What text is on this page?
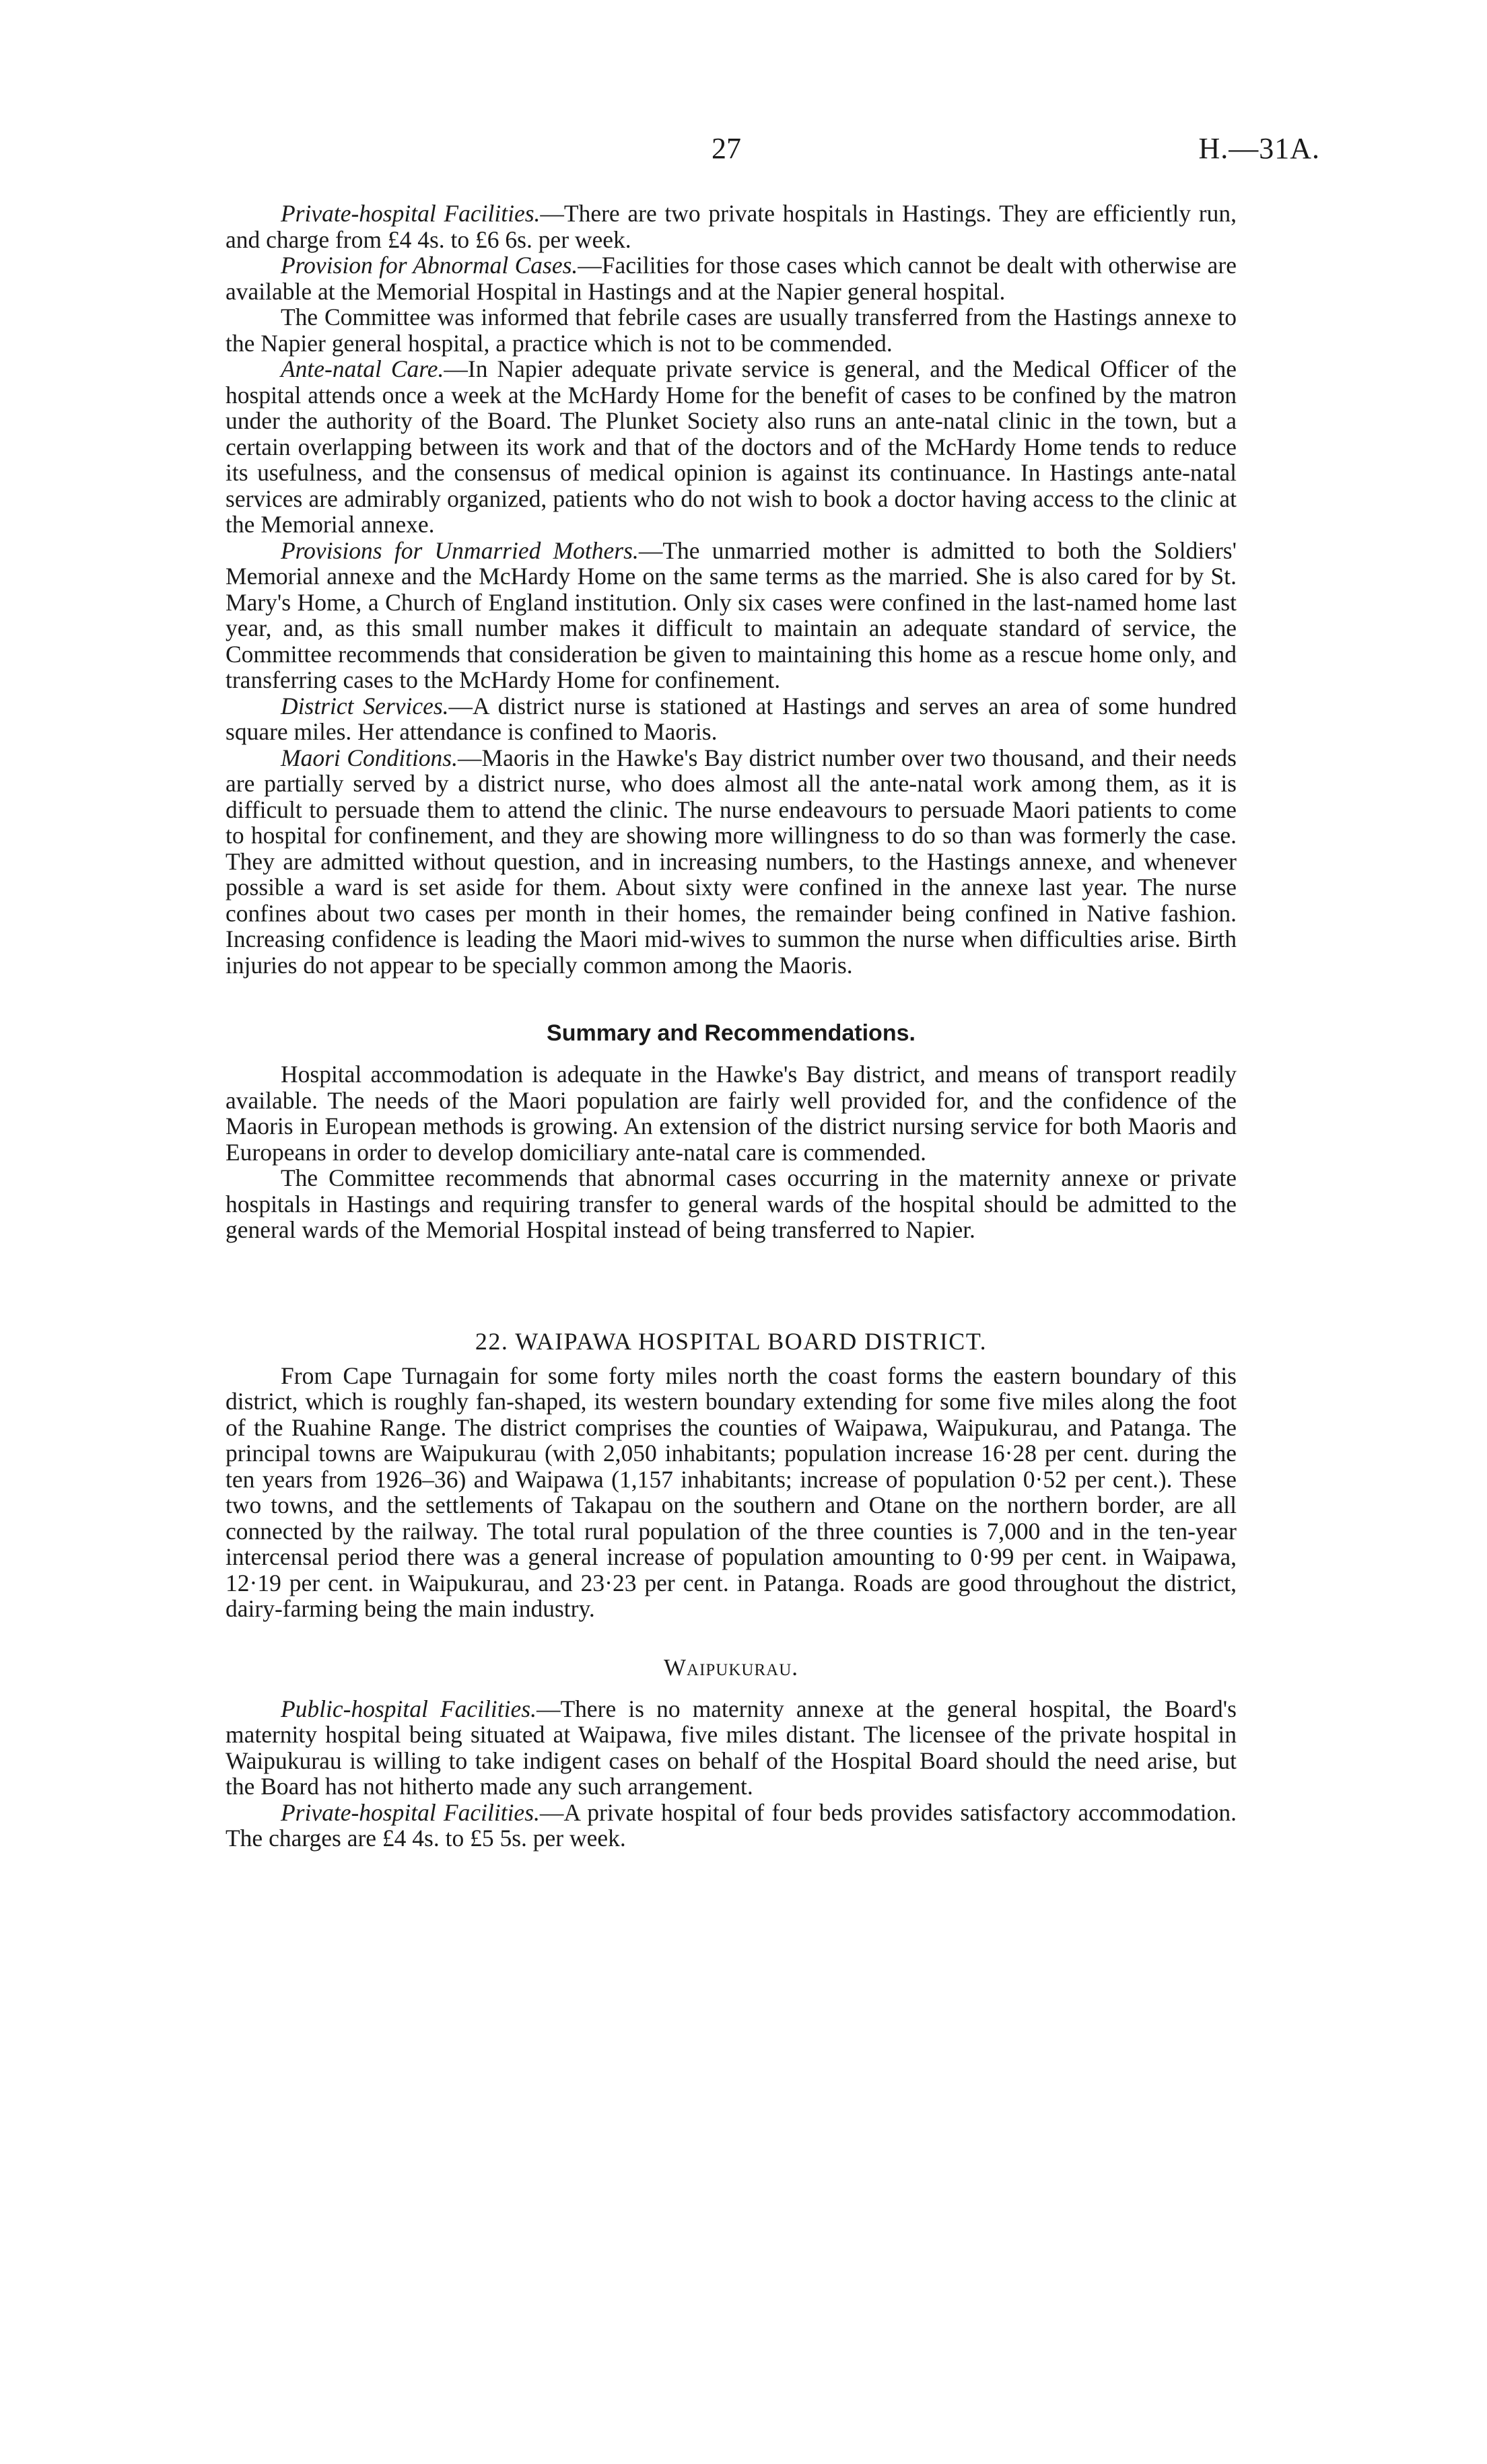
27	H.—31A.

Private-hospital Facilities.—There are two private hospitals in Hastings. They are efficiently run, and charge from £4 4s. to £6 6s. per week.

Provision for Abnormal Cases.—Facilities for those cases which cannot be dealt with otherwise are available at the Memorial Hospital in Hastings and at the Napier general hospital.

The Committee was informed that febrile cases are usually transferred from the Hastings annexe to the Napier general hospital, a practice which is not to be commended.

Ante-natal Care.—In Napier adequate private service is general, and the Medical Officer of the hospital attends once a week at the McHardy Home for the benefit of cases to be confined by the matron under the authority of the Board. The Plunket Society also runs an ante-natal clinic in the town, but a certain overlapping between its work and that of the doctors and of the McHardy Home tends to reduce its usefulness, and the consensus of medical opinion is against its continuance. In Hastings ante-natal services are admirably organized, patients who do not wish to book a doctor having access to the clinic at the Memorial annexe.

Provisions for Unmarried Mothers.—The unmarried mother is admitted to both the Soldiers' Memorial annexe and the McHardy Home on the same terms as the married. She is also cared for by St. Mary's Home, a Church of England institution. Only six cases were confined in the last-named home last year, and, as this small number makes it difficult to maintain an adequate standard of service, the Committee recommends that consideration be given to maintaining this home as a rescue home only, and transferring cases to the McHardy Home for confinement.

District Services.—A district nurse is stationed at Hastings and serves an area of some hundred square miles. Her attendance is confined to Maoris.

Maori Conditions.—Maoris in the Hawke's Bay district number over two thousand, and their needs are partially served by a district nurse, who does almost all the ante-natal work among them, as it is difficult to persuade them to attend the clinic. The nurse endeavours to persuade Maori patients to come to hospital for confinement, and they are showing more willingness to do so than was formerly the case. They are admitted without question, and in increasing numbers, to the Hastings annexe, and whenever possible a ward is set aside for them. About sixty were confined in the annexe last year. The nurse confines about two cases per month in their homes, the remainder being confined in Native fashion. Increasing confidence is leading the Maori mid-wives to summon the nurse when difficulties arise. Birth injuries do not appear to be specially common among the Maoris.

Summary and Recommendations.

Hospital accommodation is adequate in the Hawke's Bay district, and means of transport readily available. The needs of the Maori population are fairly well provided for, and the confidence of the Maoris in European methods is growing. An extension of the district nursing service for both Maoris and Europeans in order to develop domiciliary ante-natal care is commended.

The Committee recommends that abnormal cases occurring in the maternity annexe or private hospitals in Hastings and requiring transfer to general wards of the hospital should be admitted to the general wards of the Memorial Hospital instead of being transferred to Napier.

22. WAIPAWA HOSPITAL BOARD DISTRICT.

From Cape Turnagain for some forty miles north the coast forms the eastern boundary of this district, which is roughly fan-shaped, its western boundary extending for some five miles along the foot of the Ruahine Range. The district comprises the counties of Waipawa, Waipukurau, and Patanga. The principal towns are Waipukurau (with 2,050 inhabitants; population increase 16·28 per cent. during the ten years from 1926–36) and Waipawa (1,157 inhabitants; increase of population 0·52 per cent.). These two towns, and the settlements of Takapau on the southern and Otane on the northern border, are all connected by the railway. The total rural population of the three counties is 7,000 and in the ten-year intercensal period there was a general increase of population amounting to 0·99 per cent. in Waipawa, 12·19 per cent. in Waipukurau, and 23·23 per cent. in Patanga. Roads are good throughout the district, dairy-farming being the main industry.

Waipukurau.

Public-hospital Facilities.—There is no maternity annexe at the general hospital, the Board's maternity hospital being situated at Waipawa, five miles distant. The licensee of the private hospital in Waipukurau is willing to take indigent cases on behalf of the Hospital Board should the need arise, but the Board has not hitherto made any such arrangement.

Private-hospital Facilities.—A private hospital of four beds provides satisfactory accommodation. The charges are £4 4s. to £5 5s. per week.
